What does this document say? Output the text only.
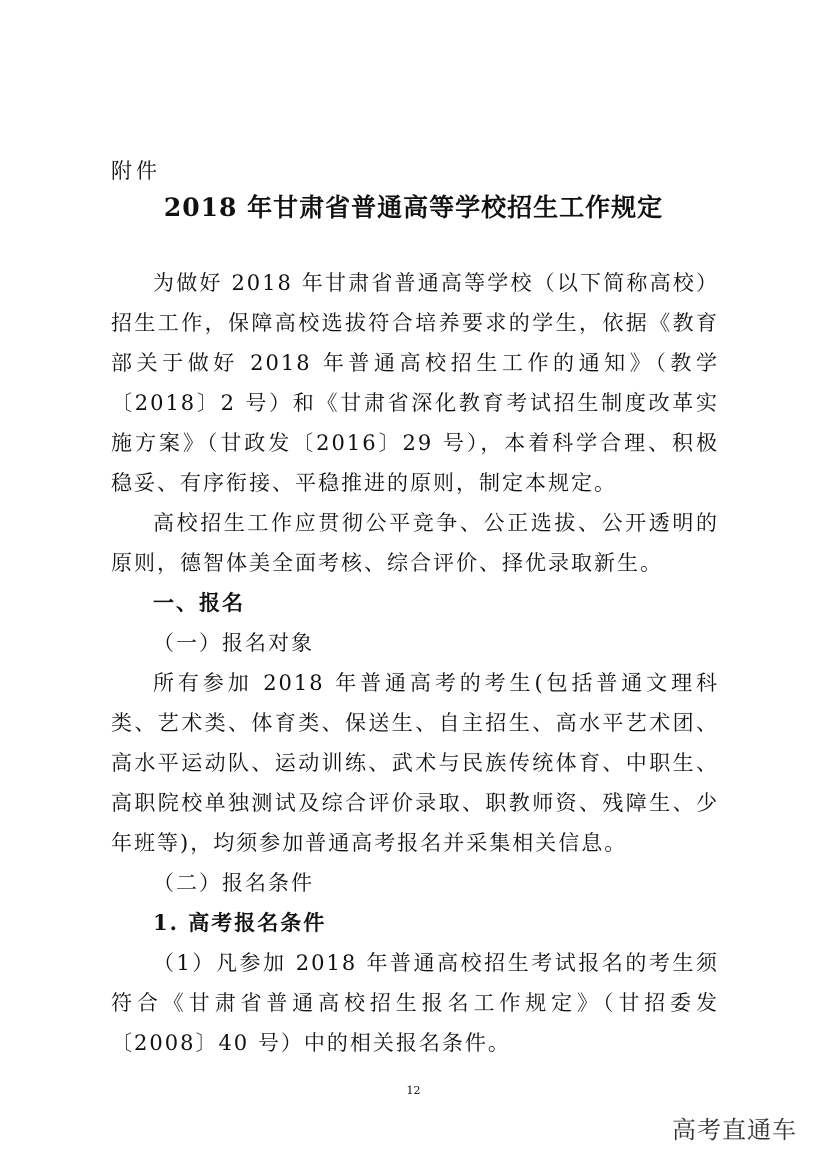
附件
2018 年甘肃省普通高等学校招生工作规定

为做好 2018 年甘肃省普通高等学校（以下简称高校）招生工作，保障高校选拔符合培养要求的学生，依据《教育部关于做好 2018 年普通高校招生工作的通知》（教学〔2018〕2 号）和《甘肃省深化教育考试招生制度改革实施方案》（甘政发〔2016〕29 号），本着科学合理、积极稳妥、有序衔接、平稳推进的原则，制定本规定。

高校招生工作应贯彻公平竞争、公正选拔、公开透明的原则，德智体美全面考核、综合评价、择优录取新生。

一、报名

（一）报名对象

所有参加 2018 年普通高考的考生(包括普通文理科类、艺术类、体育类、保送生、自主招生、高水平艺术团、高水平运动队、运动训练、武术与民族传统体育、中职生、高职院校单独测试及综合评价录取、职教师资、残障生、少年班等)，均须参加普通高考报名并采集相关信息。

（二）报名条件

1. 高考报名条件

（1）凡参加 2018 年普通高校招生考试报名的考生须符合《甘肃省普通高校招生报名工作规定》（甘招委发〔2008〕40 号）中的相关报名条件。

12
高考直通车
